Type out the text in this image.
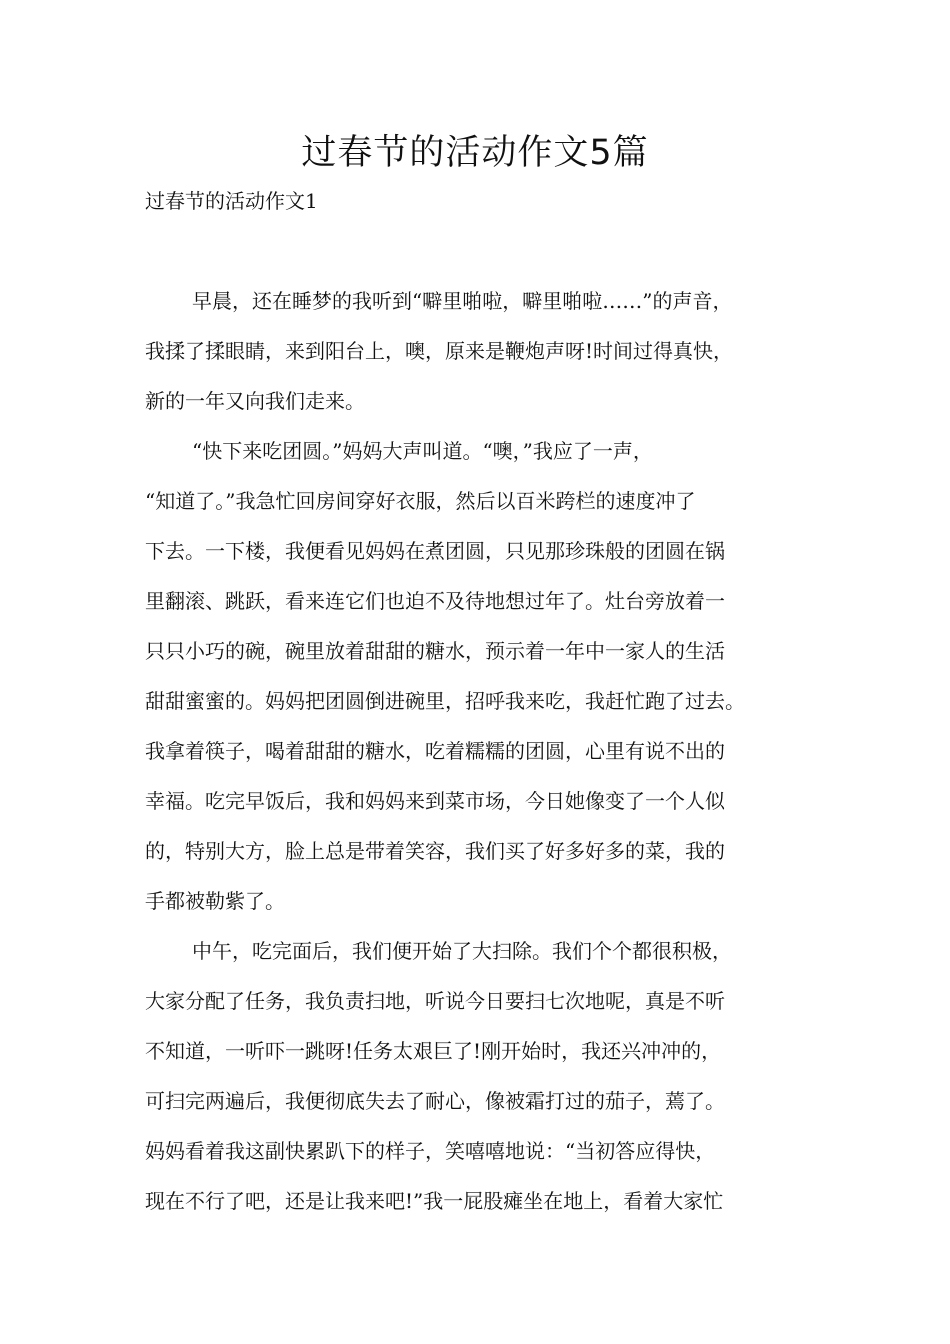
过春节的活动作文5篇

过春节的活动作文1

早晨，还在睡梦的我听到“噼里啪啦，噼里啪啦……”的声音，
我揉了揉眼睛，来到阳台上，噢，原来是鞭炮声呀!时间过得真快，
新的一年又向我们走来。
“快下来吃团圆。”妈妈大声叫道。“噢，”我应了一声，
“知道了。”我急忙回房间穿好衣服，然后以百米跨栏的速度冲了
下去。一下楼，我便看见妈妈在煮团圆，只见那珍珠般的团圆在锅
里翻滚、跳跃，看来连它们也迫不及待地想过年了。灶台旁放着一
只只小巧的碗，碗里放着甜甜的糖水，预示着一年中一家人的生活
甜甜蜜蜜的。妈妈把团圆倒进碗里，招呼我来吃，我赶忙跑了过去。
我拿着筷子，喝着甜甜的糖水，吃着糯糯的团圆，心里有说不出的
幸福。吃完早饭后，我和妈妈来到菜市场，今日她像变了一个人似
的，特别大方，脸上总是带着笑容，我们买了好多好多的菜，我的
手都被勒紫了。
中午，吃完面后，我们便开始了大扫除。我们个个都很积极，
大家分配了任务，我负责扫地，听说今日要扫七次地呢，真是不听
不知道，一听吓一跳呀!任务太艰巨了!刚开始时，我还兴冲冲的，
可扫完两遍后，我便彻底失去了耐心，像被霜打过的茄子，蔫了。
妈妈看着我这副快累趴下的样子，笑嘻嘻地说：“当初答应得快，
现在不行了吧，还是让我来吧!”我一屁股瘫坐在地上，看着大家忙
